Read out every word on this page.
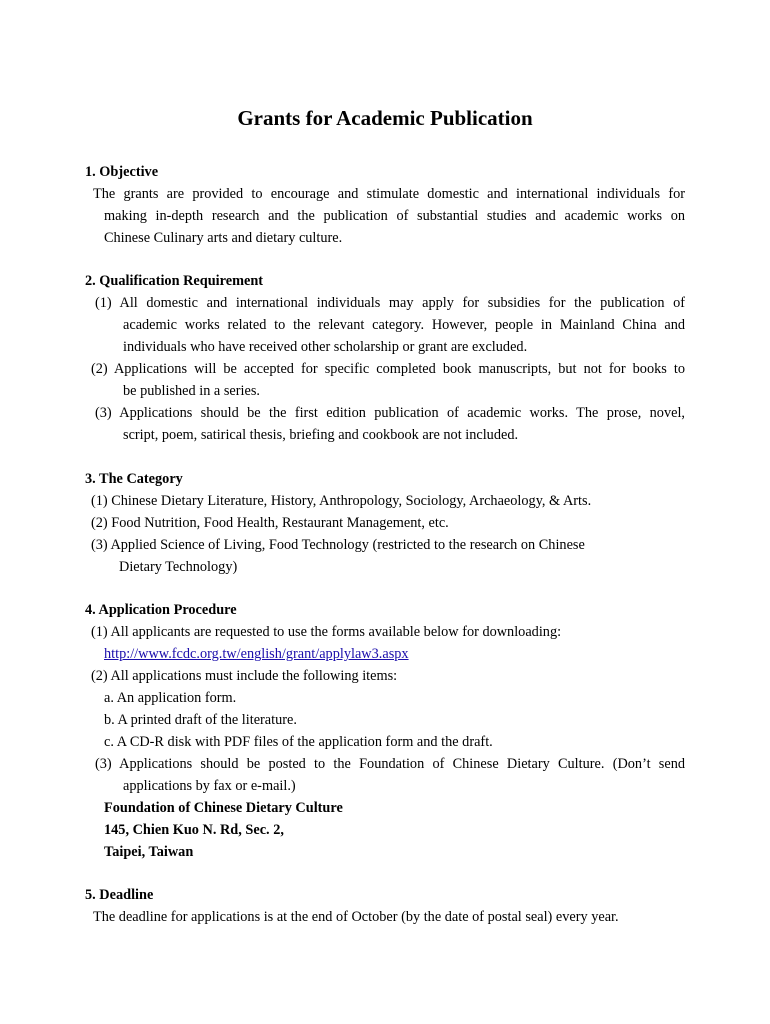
Grants for Academic Publication
1. Objective
The grants are provided to encourage and stimulate domestic and international individuals for
making in-depth research and the publication of substantial studies and academic works on
Chinese Culinary arts and dietary culture.
2. Qualification Requirement
(1) All domestic and international individuals may apply for subsidies for the publication of
academic works related to the relevant category. However, people in Mainland China and
individuals who have received other scholarship or grant are excluded.
(2) Applications will be accepted for specific completed book manuscripts, but not for books to
be published in a series.
(3) Applications should be the first edition publication of academic works. The prose, novel,
script, poem, satirical thesis, briefing and cookbook are not included.
3. The Category
(1) Chinese Dietary Literature, History, Anthropology, Sociology, Archaeology, & Arts.
(2) Food Nutrition, Food Health, Restaurant Management, etc.
(3) Applied Science of Living, Food Technology (restricted to the research on Chinese
Dietary Technology)
4. Application Procedure
(1) All applicants are requested to use the forms available below for downloading:
http://www.fcdc.org.tw/english/grant/applylaw3.aspx
(2) All applications must include the following items:
a. An application form.
b. A printed draft of the literature.
c. A CD-R disk with PDF files of the application form and the draft.
(3) Applications should be posted to the Foundation of Chinese Dietary Culture. (Don’t send
applications by fax or e-mail.)
Foundation of Chinese Dietary Culture
145, Chien Kuo N. Rd, Sec. 2,
Taipei, Taiwan
5. Deadline
The deadline for applications is at the end of October (by the date of postal seal) every year.
